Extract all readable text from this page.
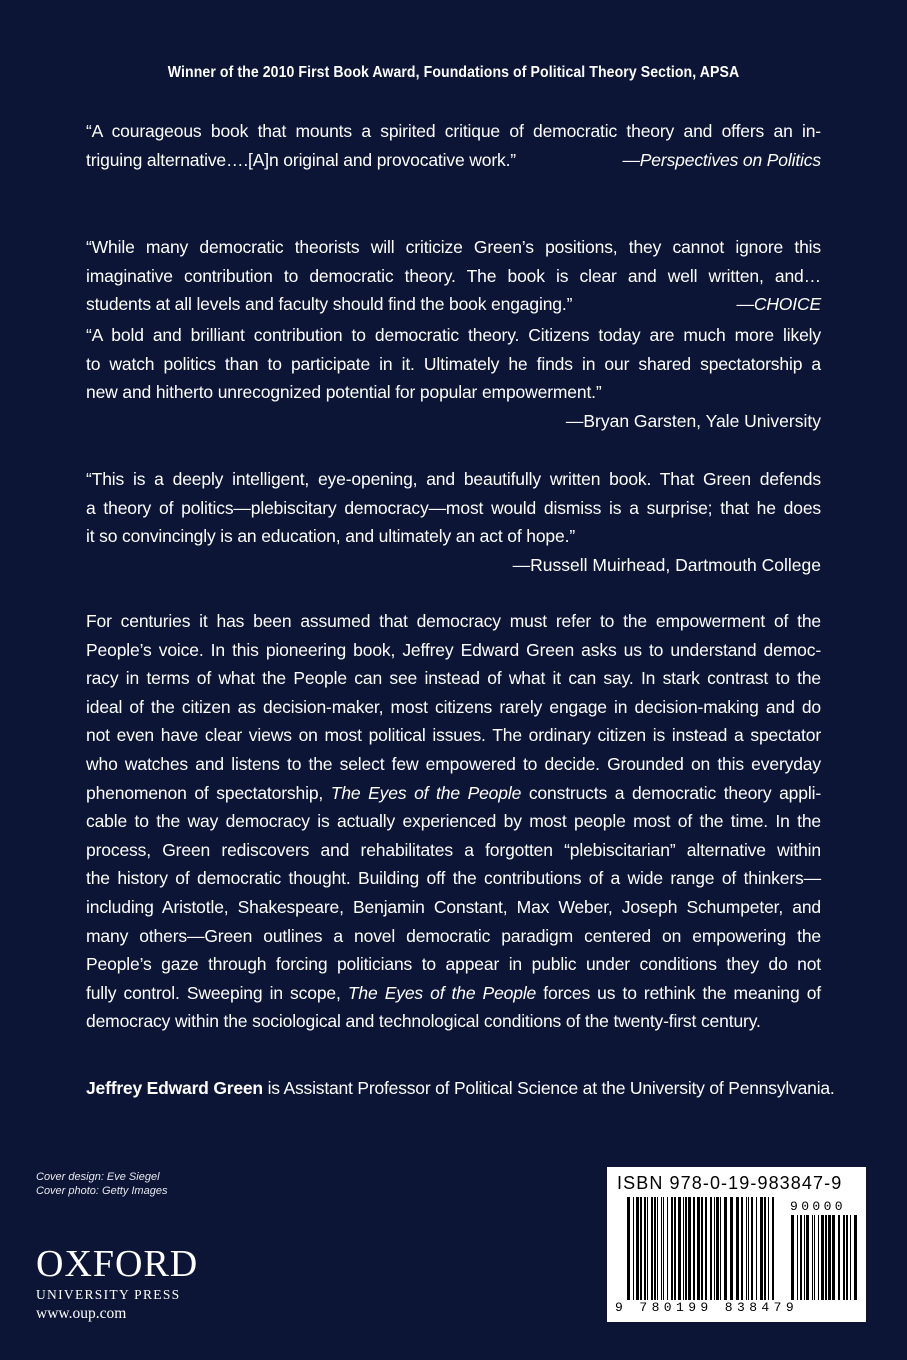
Winner of the 2010 First Book Award, Foundations of Political Theory Section, APSA
“A courageous book that mounts a spirited critique of democratic theory and offers an in-
triguing alternative….[A]n original and provocative work.”	—Perspectives on Politics
“While many democratic theorists will criticize Green’s positions, they cannot ignore this
imaginative contribution to democratic theory. The book is clear and well written, and…
students at all levels and faculty should find the book engaging.”	—CHOICE
“A bold and brilliant contribution to democratic theory. Citizens today are much more likely
to watch politics than to participate in it. Ultimately he finds in our shared spectatorship a
new and hitherto unrecognized potential for popular empowerment.”
—Bryan Garsten, Yale University
“This is a deeply intelligent, eye-opening, and beautifully written book. That Green defends
a theory of politics—plebiscitary democracy—most would dismiss is a surprise; that he does
it so convincingly is an education, and ultimately an act of hope.”
—Russell Muirhead, Dartmouth College
For centuries it has been assumed that democracy must refer to the empowerment of the
People’s voice. In this pioneering book, Jeffrey Edward Green asks us to understand democ-
racy in terms of what the People can see instead of what it can say. In stark contrast to the
ideal of the citizen as decision-maker, most citizens rarely engage in decision-making and do
not even have clear views on most political issues. The ordinary citizen is instead a spectator
who watches and listens to the select few empowered to decide. Grounded on this everyday
phenomenon of spectatorship, The Eyes of the People constructs a democratic theory appli-
cable to the way democracy is actually experienced by most people most of the time. In the
process, Green rediscovers and rehabilitates a forgotten “plebiscitarian” alternative within
the history of democratic thought. Building off the contributions of a wide range of thinkers—
including Aristotle, Shakespeare, Benjamin Constant, Max Weber, Joseph Schumpeter, and
many others—Green outlines a novel democratic paradigm centered on empowering the
People’s gaze through forcing politicians to appear in public under conditions they do not
fully control. Sweeping in scope, The Eyes of the People forces us to rethink the meaning of
democracy within the sociological and technological conditions of the twenty-first century.
Jeffrey Edward Green is Assistant Professor of Political Science at the University of Pennsylvania.
Cover design: Eve Siegel
Cover photo: Getty Images
OXFORD
UNIVERSITY PRESS
www.oup.com
ISBN 978-0-19-983847-9
90000
9 780199 838479
